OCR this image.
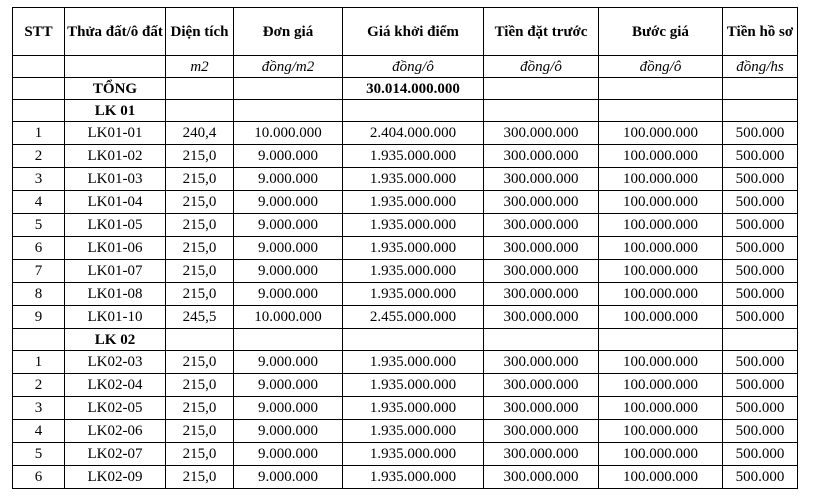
STT	Thửa đất/ô đất	Diện tích	Đơn giá	Giá khởi điểm	Tiền đặt trước	Bước giá	Tiền hồ sơ
		m2	đồng/m2	đồng/ô	đồng/ô	đồng/ô	đồng/hs
	TỔNG			30.014.000.000			
	LK 01						
1	LK01-01	240,4	10.000.000	2.404.000.000	300.000.000	100.000.000	500.000
2	LK01-02	215,0	9.000.000	1.935.000.000	300.000.000	100.000.000	500.000
3	LK01-03	215,0	9.000.000	1.935.000.000	300.000.000	100.000.000	500.000
4	LK01-04	215,0	9.000.000	1.935.000.000	300.000.000	100.000.000	500.000
5	LK01-05	215,0	9.000.000	1.935.000.000	300.000.000	100.000.000	500.000
6	LK01-06	215,0	9.000.000	1.935.000.000	300.000.000	100.000.000	500.000
7	LK01-07	215,0	9.000.000	1.935.000.000	300.000.000	100.000.000	500.000
8	LK01-08	215,0	9.000.000	1.935.000.000	300.000.000	100.000.000	500.000
9	LK01-10	245,5	10.000.000	2.455.000.000	300.000.000	100.000.000	500.000
	LK 02						
1	LK02-03	215,0	9.000.000	1.935.000.000	300.000.000	100.000.000	500.000
2	LK02-04	215,0	9.000.000	1.935.000.000	300.000.000	100.000.000	500.000
3	LK02-05	215,0	9.000.000	1.935.000.000	300.000.000	100.000.000	500.000
4	LK02-06	215,0	9.000.000	1.935.000.000	300.000.000	100.000.000	500.000
5	LK02-07	215,0	9.000.000	1.935.000.000	300.000.000	100.000.000	500.000
6	LK02-09	215,0	9.000.000	1.935.000.000	300.000.000	100.000.000	500.000
